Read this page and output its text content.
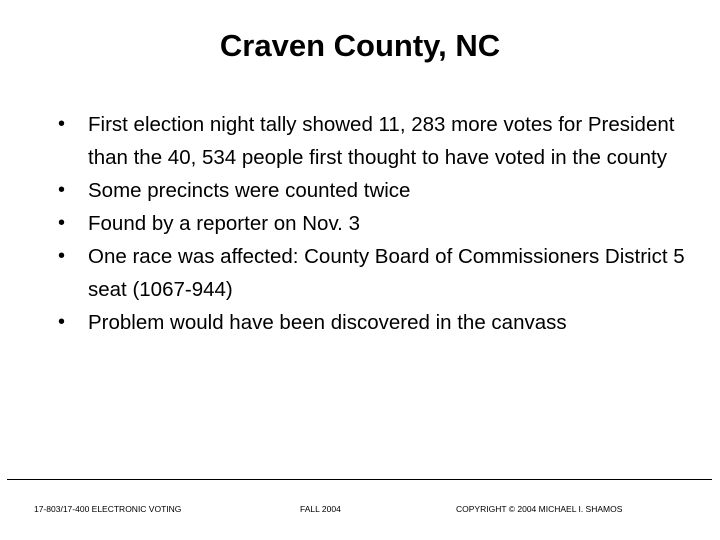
Craven County, NC
• First election night tally showed 11, 283 more votes for President than the 40, 534 people first thought to have voted in the county
• Some precincts were counted twice
• Found by a reporter on Nov. 3
• One race was affected: County Board of Commissioners District 5 seat (1067-944)
• Problem would have been discovered in the canvass
17-803/17-400 ELECTRONIC VOTING	FALL 2004	COPYRIGHT © 2004 MICHAEL I. SHAMOS
